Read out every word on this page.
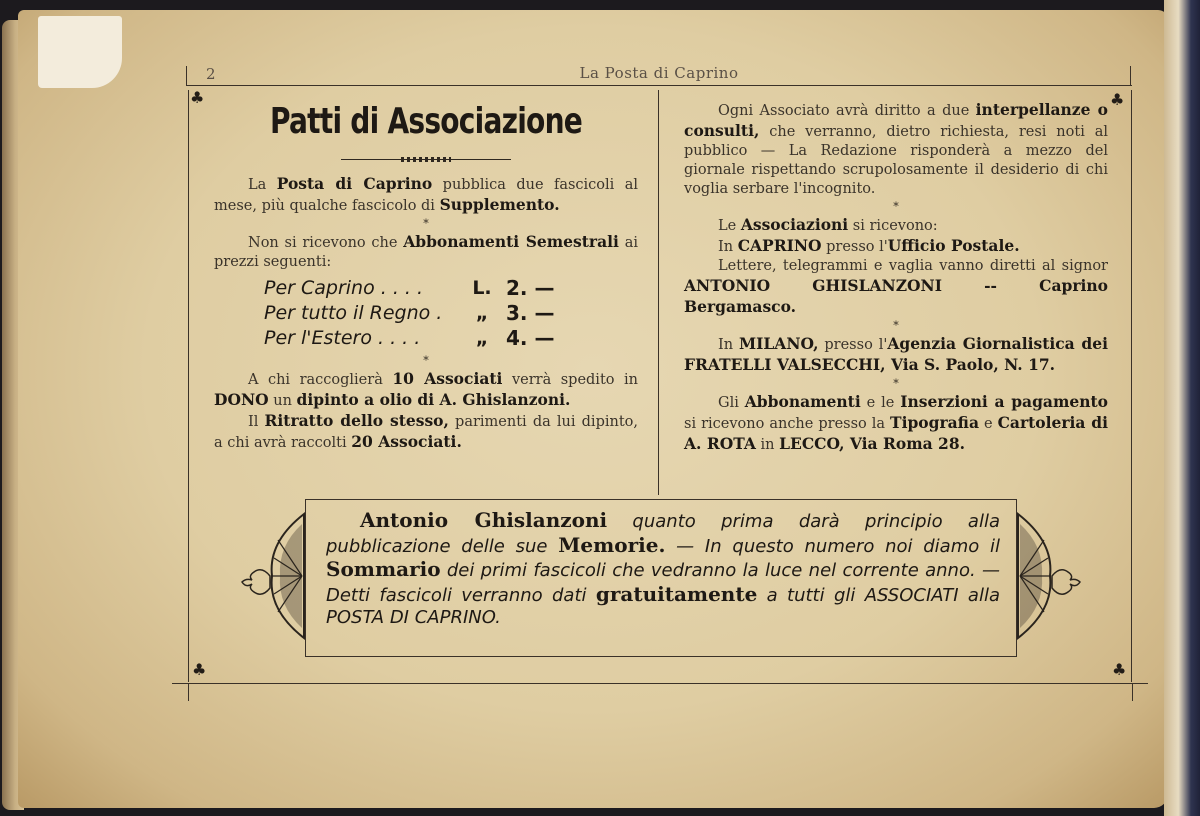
2	La Posta di Caprino
♣	♣
♣	♣
Patti di Associazione

La Posta di Caprino pubblica due fascicoli al mese, più qualche fascicolo di Supplemento.

*

Non si ricevono che Abbonamenti Semestrali ai prezzi seguenti:

Per Caprino . . . .	L. 2. —
Per tutto il Regno .	„ 3. —
Per l'Estero . . . .	„ 4. —
*

A chi raccoglierà 10 Associati verrà spedito in DONO un dipinto a olio di A. Ghislanzoni.

Il Ritratto dello stesso, parimenti da lui dipinto, a chi avrà raccolti 20 Associati.

Ogni Associato avrà diritto a due interpellanze o consulti, che verranno, dietro richiesta, resi noti al pubblico — La Redazione risponderà a mezzo del giornale rispettando scrupolosamente il desiderio di chi voglia serbare l'incognito.

*

Le Associazioni si ricevono:

In CAPRINO presso l'Ufficio Postale.

Lettere, telegrammi e vaglia vanno diretti al signor ANTONIO GHISLANZONI -- Caprino Bergamasco.

*

In MILANO, presso l'Agenzia Giornalistica dei FRATELLI VALSECCHI, Via S. Paolo, N. 17.

*

Gli Abbonamenti e le Inserzioni a pagamento si ricevono anche presso la Tipografia e Cartoleria di A. ROTA in LECCO, Via Roma 28.

Antonio Ghislanzoni quanto prima darà principio alla pubblicazione delle sue Memorie. — In questo numero noi diamo il Sommario dei primi fascicoli che vedranno la luce nel corrente anno. — Detti fascicoli verranno dati gratuitamente a tutti gli ASSOCIATI alla POSTA DI CAPRINO.
